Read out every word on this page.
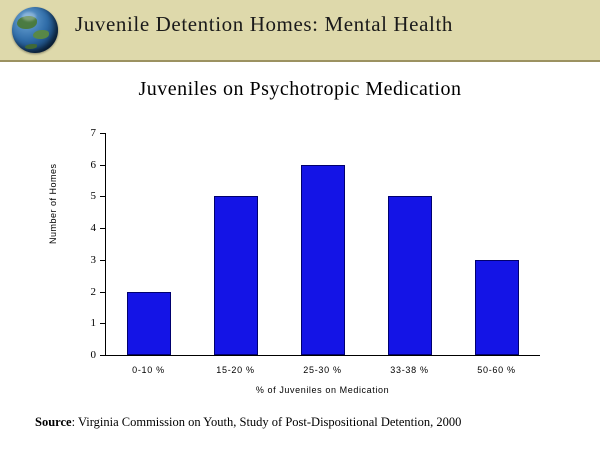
Juvenile Detention Homes: Mental Health
Juveniles on Psychotropic Medication
0
1
2
3
4
5
6
7
0-10 %	15-20 %	25-30 %	33-38 %	50-60 %
Number of Homes
% of Juveniles on Medication
Source: Virginia Commission on Youth, Study of Post-Dispositional Detention, 2000
